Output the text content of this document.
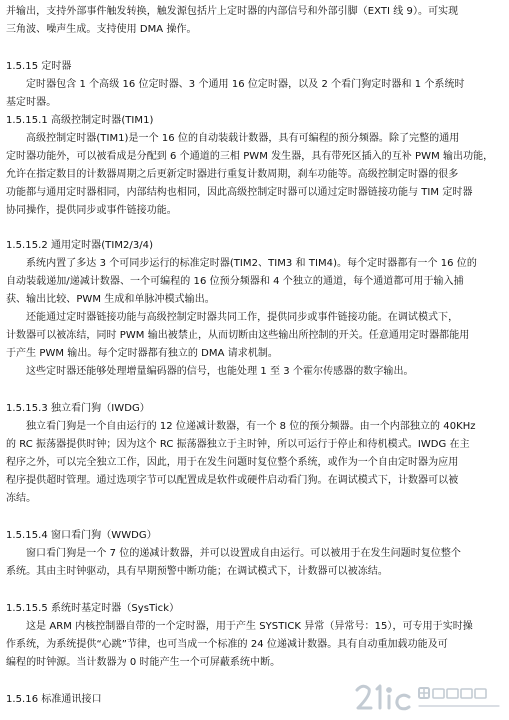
并输出，支持外部事件触发转换，触发源包括片上定时器的内部信号和外部引脚（EXTI 线 9）。可实现
三角波、噪声生成。支持使用 DMA 操作。
1.5.15 定时器
定时器包含 1 个高级 16 位定时器、3 个通用 16 位定时器，以及 2 个看门狗定时器和 1 个系统时
基定时器。
1.5.15.1 高级控制定时器(TIM1)
高级控制定时器(TIM1)是一个 16 位的自动装载计数器，具有可编程的预分频器。除了完整的通用
定时器功能外，可以被看成是分配到 6 个通道的三相 PWM 发生器，具有带死区插入的互补 PWM 输出功能，
允许在指定数目的计数器周期之后更新定时器进行重复计数周期，刹车功能等。高级控制定时器的很多
功能都与通用定时器相同，内部结构也相同，因此高级控制定时器可以通过定时器链接功能与 TIM 定时器
协同操作，提供同步或事件链接功能。
1.5.15.2 通用定时器(TIM2/3/4)
系统内置了多达 3 个可同步运行的标准定时器(TIM2、TIM3 和 TIM4)。每个定时器都有一个 16 位的
自动装载递加/递减计数器、一个可编程的 16 位预分频器和 4 个独立的通道，每个通道都可用于输入捕
获、输出比较、PWM 生成和单脉冲模式输出。
还能通过定时器链接功能与高级控制定时器共同工作，提供同步或事件链接功能。在调试模式下，
计数器可以被冻结，同时 PWM 输出被禁止，从而切断由这些输出所控制的开关。任意通用定时器都能用
于产生 PWM 输出。每个定时器都有独立的 DMA 请求机制。
这些定时器还能够处理增量编码器的信号，也能处理 1 至 3 个霍尔传感器的数字输出。
1.5.15.3 独立看门狗（IWDG）
独立看门狗是一个自由运行的 12 位递减计数器，有一个 8 位的预分频器。由一个内部独立的 40KHz
的 RC 振荡器提供时钟；因为这个 RC 振荡器独立于主时钟，所以可运行于停止和待机模式。IWDG 在主
程序之外，可以完全独立工作，因此，用于在发生问题时复位整个系统，或作为一个自由定时器为应用
程序提供超时管理。通过选项字节可以配置成是软件或硬件启动看门狗。在调试模式下，计数器可以被
冻结。
1.5.15.4 窗口看门狗（WWDG）
窗口看门狗是一个 7 位的递减计数器，并可以设置成自由运行。可以被用于在发生问题时复位整个
系统。其由主时钟驱动，具有早期预警中断功能；在调试模式下，计数器可以被冻结。
1.5.15.5 系统时基定时器（SysTick）
这是 ARM 内核控制器自带的一个定时器，用于产生 SYSTICK 异常（异常号：15），可专用于实时操
作系统，为系统提供“心跳”节律，也可当成一个标准的 24 位递减计数器。具有自动重加载功能及可
编程的时钟源。当计数器为 0 时能产生一个可屏蔽系统中断。
1.5.16 标准通讯接口
